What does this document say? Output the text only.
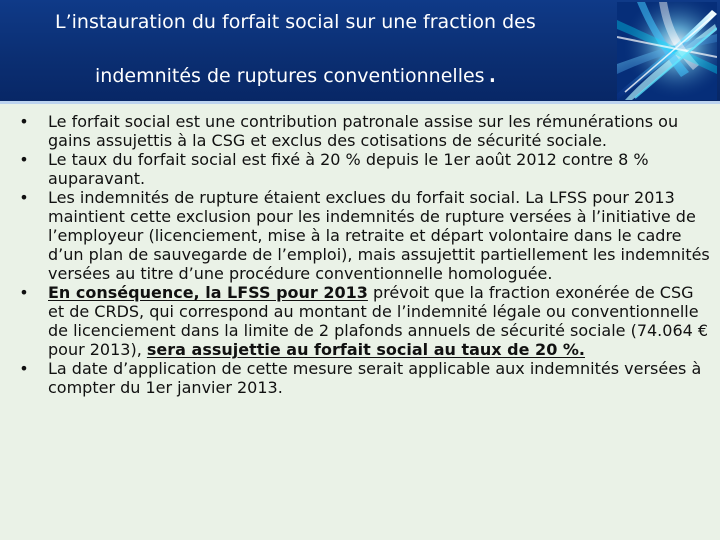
L’instauration du forfait social sur une fraction des
indemnités de ruptures conventionnelles .
• Le forfait social est une contribution patronale assise sur les rémunérations ou gains assujettis à la CSG et exclus des cotisations de sécurité sociale.
• Le taux du forfait social est fixé à 20 % depuis le 1er août 2012 contre 8 % auparavant.
• Les indemnités de rupture étaient exclues du forfait social. La LFSS pour 2013 maintient cette exclusion pour les indemnités de rupture versées à l’initiative de l’employeur (licenciement, mise à la retraite et départ volontaire dans le cadre d’un plan de sauvegarde de l’emploi), mais assujettit partiellement les indemnités versées au titre d’une procédure conventionnelle homologuée.
• En conséquence, la LFSS pour 2013 prévoit que la fraction exonérée de CSG et de CRDS, qui correspond au montant de l’indemnité légale ou conventionnelle de licenciement dans la limite de 2 plafonds annuels de sécurité sociale (74.064 € pour 2013), sera assujettie au forfait social au taux de 20 %.
• La date d’application de cette mesure serait applicable aux indemnités versées à compter du 1er janvier 2013.
